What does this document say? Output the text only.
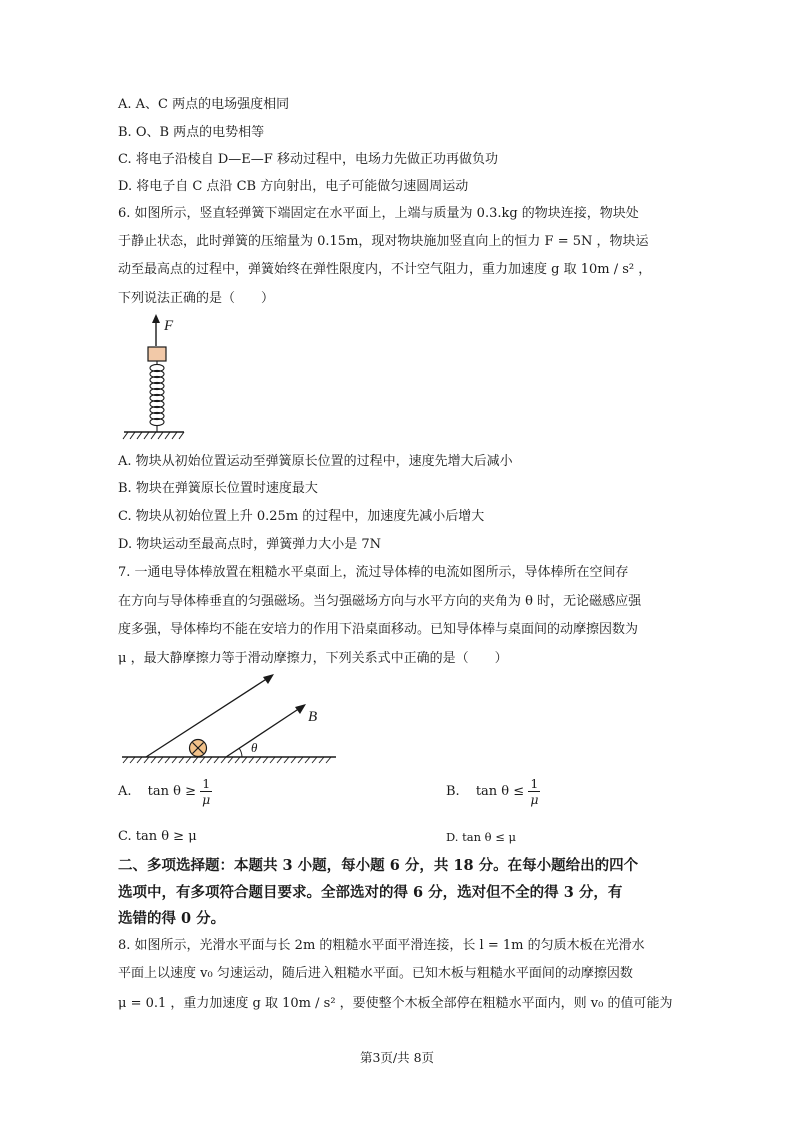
A. A、C 两点的电场强度相同
B. O、B 两点的电势相等
C. 将电子沿棱自 D—E—F 移动过程中，电场力先做正功再做负功
D. 将电子自 C 点沿 CB 方向射出，电子可能做匀速圆周运动
6. 如图所示，竖直轻弹簧下端固定在水平面上，上端与质量为 0.3.kg 的物块连接，物块处
于静止状态，此时弹簧的压缩量为 0.15m，现对物块施加竖直向上的恒力 F = 5N ，物块运
动至最高点的过程中，弹簧始终在弹性限度内，不计空气阻力，重力加速度 g 取 10m / s² ，
下列说法正确的是（　　）
F
A. 物块从初始位置运动至弹簧原长位置的过程中，速度先增大后减小
B. 物块在弹簧原长位置时速度最大
C. 物块从初始位置上升 0.25m 的过程中，加速度先减小后增大
D. 物块运动至最高点时，弹簧弹力大小是 7N
7. 一通电导体棒放置在粗糙水平桌面上，流过导体棒的电流如图所示，导体棒所在空间存
在方向与导体棒垂直的匀强磁场。当匀强磁场方向与水平方向的夹角为 θ 时，无论磁感应强
度多强，导体棒均不能在安培力的作用下沿桌面移动。已知导体棒与桌面间的动摩擦因数为
μ ，最大静摩擦力等于滑动摩擦力，下列关系式中正确的是（　　）
B
θ
A. $\tan \theta \ge \frac{1}{\mu}$	B. $\tan \theta \le \frac{1}{\mu}$
C. tan θ ≥ μ	D. tan θ ≤ μ
二、多项选择题：本题共 3 小题，每小题 6 分，共 18 分。在每小题给出的四个
选项中，有多项符合题目要求。全部选对的得 6 分，选对但不全的得 3 分，有
选错的得 0 分。
8. 如图所示，光滑水平面与长 2m 的粗糙水平面平滑连接，长 l = 1m 的匀质木板在光滑水
平面上以速度 v₀ 匀速运动，随后进入粗糙水平面。已知木板与粗糙水平面间的动摩擦因数
μ = 0.1 ，重力加速度 g 取 10m / s² ，要使整个木板全部停在粗糙水平面内，则 v₀ 的值可能为
第3页/共 8页
